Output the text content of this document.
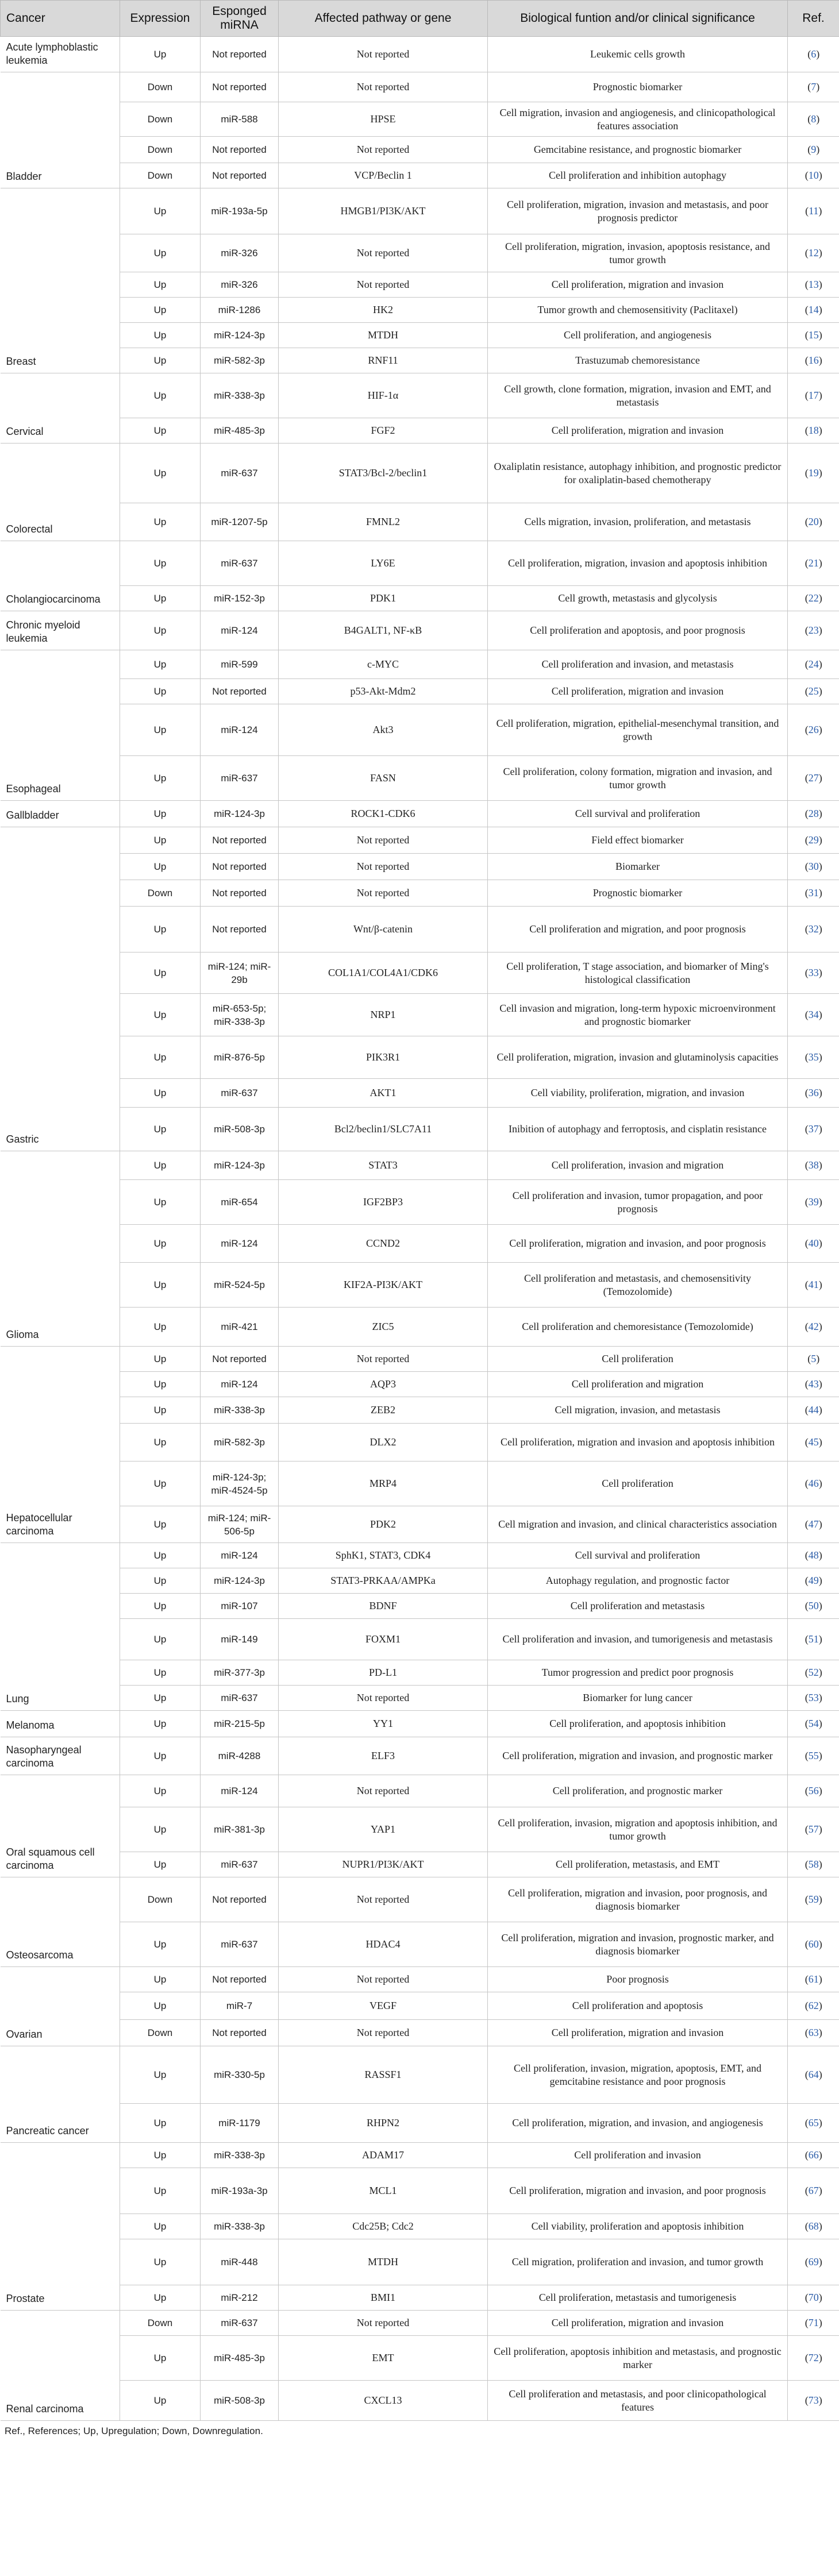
Cancer	Expression	Esponged miRNA	Affected pathway or gene	Biological funtion and/or clinical significance	Ref.
Acute lymphoblastic leukemia	Up	Not reported	Not reported	Leukemic cells growth	(6)
Bladder	Down	Not reported	Not reported	Prognostic biomarker	(7)
	Down	miR-588	HPSE	Cell migration, invasion and angiogenesis, and clinicopathological features association	(8)
	Down	Not reported	Not reported	Gemcitabine resistance, and prognostic biomarker	(9)
	Down	Not reported	VCP/Beclin 1	Cell proliferation and inhibition autophagy	(10)
Breast	Up	miR-193a-5p	HMGB1/PI3K/AKT	Cell proliferation, migration, invasion and metastasis, and poor prognosis predictor	(11)
	Up	miR-326	Not reported	Cell proliferation, migration, invasion, apoptosis resistance, and tumor growth	(12)
	Up	miR-326	Not reported	Cell proliferation, migration and invasion	(13)
	Up	miR-1286	HK2	Tumor growth and chemosensitivity (Paclitaxel)	(14)
	Up	miR-124-3p	MTDH	Cell proliferation, and angiogenesis	(15)
	Up	miR-582-3p	RNF11	Trastuzumab chemoresistance	(16)
Cervical	Up	miR-338-3p	HIF-1α	Cell growth, clone formation, migration, invasion and EMT, and metastasis	(17)
	Up	miR-485-3p	FGF2	Cell proliferation, migration and invasion	(18)
Colorectal	Up	miR-637	STAT3/Bcl-2/beclin1	Oxaliplatin resistance, autophagy inhibition, and prognostic predictor for oxaliplatin-based chemotherapy	(19)
	Up	miR-1207-5p	FMNL2	Cells migration, invasion, proliferation, and metastasis	(20)
Cholangiocarcinoma	Up	miR-637	LY6E	Cell proliferation, migration, invasion and apoptosis inhibition	(21)
	Up	miR-152-3p	PDK1	Cell growth, metastasis and glycolysis	(22)
Chronic myeloid leukemia	Up	miR-124	B4GALT1, NF-κB	Cell proliferation and apoptosis, and poor prognosis	(23)
Esophageal	Up	miR-599	c-MYC	Cell proliferation and invasion, and metastasis	(24)
	Up	Not reported	p53-Akt-Mdm2	Cell proliferation, migration and invasion	(25)
	Up	miR-124	Akt3	Cell proliferation, migration, epithelial-mesenchymal transition, and growth	(26)
	Up	miR-637	FASN	Cell proliferation, colony formation, migration and invasion, and tumor growth	(27)
Gallbladder	Up	miR-124-3p	ROCK1-CDK6	Cell survival and proliferation	(28)
Gastric	Up	Not reported	Not reported	Field effect biomarker	(29)
	Up	Not reported	Not reported	Biomarker	(30)
	Down	Not reported	Not reported	Prognostic biomarker	(31)
	Up	Not reported	Wnt/β-catenin	Cell proliferation and migration, and poor prognosis	(32)
	Up	miR-124; miR-29b	COL1A1/COL4A1/CDK6	Cell proliferation, T stage association, and biomarker of Ming's histological classification	(33)
	Up	miR-653-5p; miR-338-3p	NRP1	Cell invasion and migration, long-term hypoxic microenvironment and prognostic biomarker	(34)
	Up	miR-876-5p	PIK3R1	Cell proliferation, migration, invasion and glutaminolysis capacities	(35)
	Up	miR-637	AKT1	Cell viability, proliferation, migration, and invasion	(36)
	Up	miR-508-3p	Bcl2/beclin1/SLC7A11	Inibition of autophagy and ferroptosis, and cisplatin resistance	(37)
Glioma	Up	miR-124-3p	STAT3	Cell proliferation, invasion and migration	(38)
	Up	miR-654	IGF2BP3	Cell proliferation and invasion, tumor propagation, and poor prognosis	(39)
	Up	miR-124	CCND2	Cell proliferation, migration and invasion, and poor prognosis	(40)
	Up	miR-524-5p	KIF2A-PI3K/AKT	Cell proliferation and metastasis, and chemosensitivity (Temozolomide)	(41)
	Up	miR-421	ZIC5	Cell proliferation and chemoresistance (Temozolomide)	(42)
Hepatocellular carcinoma	Up	Not reported	Not reported	Cell proliferation	(5)
	Up	miR-124	AQP3	Cell proliferation and migration	(43)
	Up	miR-338-3p	ZEB2	Cell migration, invasion, and metastasis	(44)
	Up	miR-582-3p	DLX2	Cell proliferation, migration and invasion and apoptosis inhibition	(45)
	Up	miR-124-3p; miR-4524-5p	MRP4	Cell proliferation	(46)
	Up	miR-124; miR-506-5p	PDK2	Cell migration and invasion, and clinical characteristics association	(47)
Lung	Up	miR-124	SphK1, STAT3, CDK4	Cell survival and proliferation	(48)
	Up	miR-124-3p	STAT3-PRKAA/AMPKa	Autophagy regulation, and prognostic factor	(49)
	Up	miR-107	BDNF	Cell proliferation and metastasis	(50)
	Up	miR-149	FOXM1	Cell proliferation and invasion, and tumorigenesis and metastasis	(51)
	Up	miR-377-3p	PD-L1	Tumor progression and predict poor prognosis	(52)
	Up	miR-637	Not reported	Biomarker for lung cancer	(53)
Melanoma	Up	miR-215-5p	YY1	Cell proliferation, and apoptosis inhibition	(54)
Nasopharyngeal carcinoma	Up	miR-4288	ELF3	Cell proliferation, migration and invasion, and prognostic marker	(55)
Oral squamous cell carcinoma	Up	miR-124	Not reported	Cell proliferation, and prognostic marker	(56)
	Up	miR-381-3p	YAP1	Cell proliferation, invasion, migration and apoptosis inhibition, and tumor growth	(57)
	Up	miR-637	NUPR1/PI3K/AKT	Cell proliferation, metastasis, and EMT	(58)
Osteosarcoma	Down	Not reported	Not reported	Cell proliferation, migration and invasion, poor prognosis, and diagnosis biomarker	(59)
	Up	miR-637	HDAC4	Cell proliferation, migration and invasion, prognostic marker, and diagnosis biomarker	(60)
Ovarian	Up	Not reported	Not reported	Poor prognosis	(61)
	Up	miR-7	VEGF	Cell proliferation and apoptosis	(62)
	Down	Not reported	Not reported	Cell proliferation, migration and invasion	(63)
Pancreatic cancer	Up	miR-330-5p	RASSF1	Cell proliferation, invasion, migration, apoptosis, EMT, and gemcitabine resistance and poor prognosis	(64)
	Up	miR-1179	RHPN2	Cell proliferation, migration, and invasion, and angiogenesis	(65)
Prostate	Up	miR-338-3p	ADAM17	Cell proliferation and invasion	(66)
	Up	miR-193a-3p	MCL1	Cell proliferation, migration and invasion, and poor prognosis	(67)
	Up	miR-338-3p	Cdc25B; Cdc2	Cell viability, proliferation and apoptosis inhibition	(68)
	Up	miR-448	MTDH	Cell migration, proliferation and invasion, and tumor growth	(69)
	Up	miR-212	BMI1	Cell proliferation, metastasis and tumorigenesis	(70)
Renal carcinoma	Down	miR-637	Not reported	Cell proliferation, migration and invasion	(71)
	Up	miR-485-3p	EMT	Cell proliferation, apoptosis inhibition and metastasis, and prognostic marker	(72)
	Up	miR-508-3p	CXCL13	Cell proliferation and metastasis, and poor clinicopathological features	(73)
Ref., References; Up, Upregulation; Down, Downregulation.
